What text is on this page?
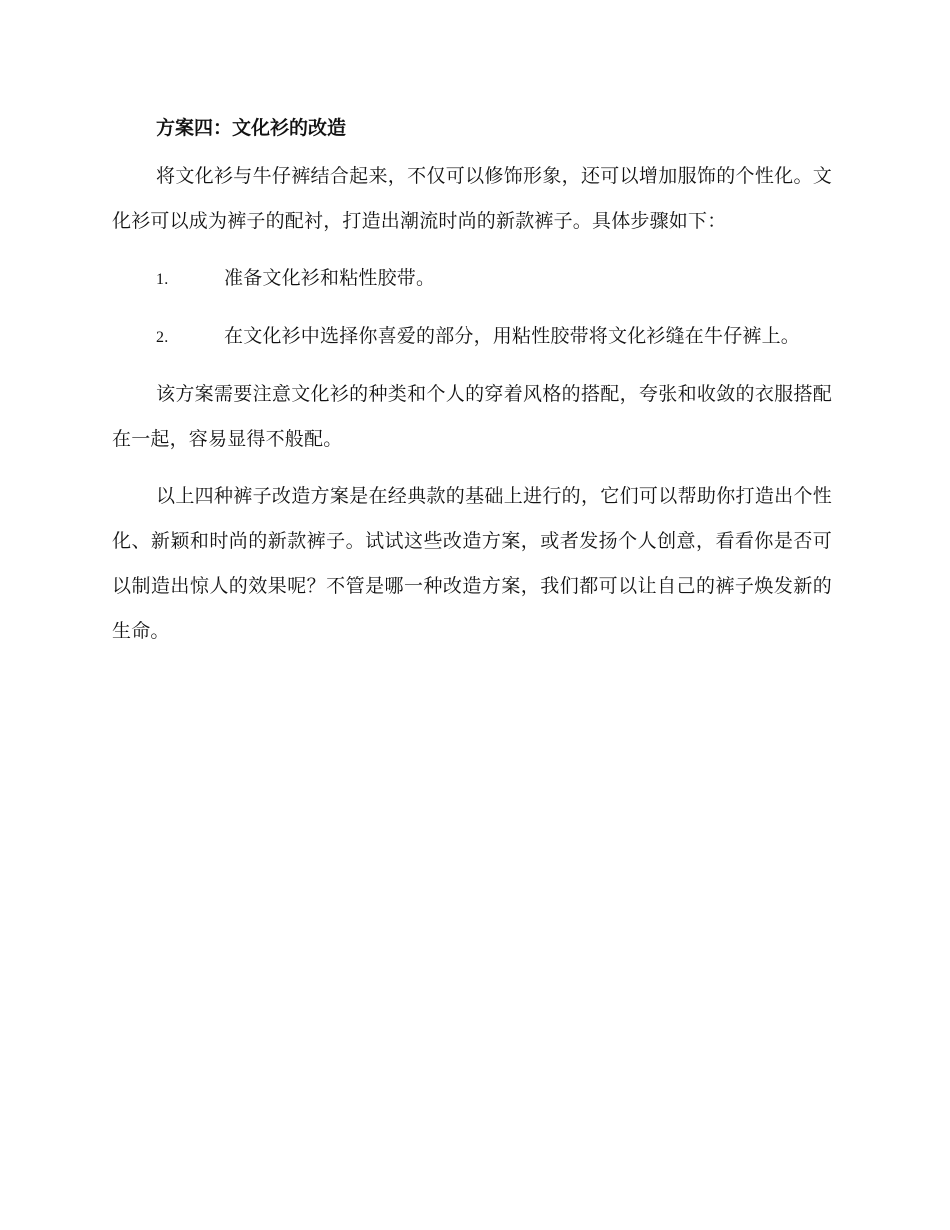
方案四：文化衫的改造

将文化衫与牛仔裤结合起来，不仅可以修饰形象，还可以增加服饰的个性化。文化衫可以成为裤子的配衬，打造出潮流时尚的新款裤子。具体步骤如下：

1.	准备文化衫和粘性胶带。

2.	在文化衫中选择你喜爱的部分，用粘性胶带将文化衫缝在牛仔裤上。

该方案需要注意文化衫的种类和个人的穿着风格的搭配，夸张和收敛的衣服搭配在一起，容易显得不般配。

以上四种裤子改造方案是在经典款的基础上进行的，它们可以帮助你打造出个性化、新颖和时尚的新款裤子。试试这些改造方案，或者发扬个人创意，看看你是否可以制造出惊人的效果呢？不管是哪一种改造方案，我们都可以让自己的裤子焕发新的生命。
